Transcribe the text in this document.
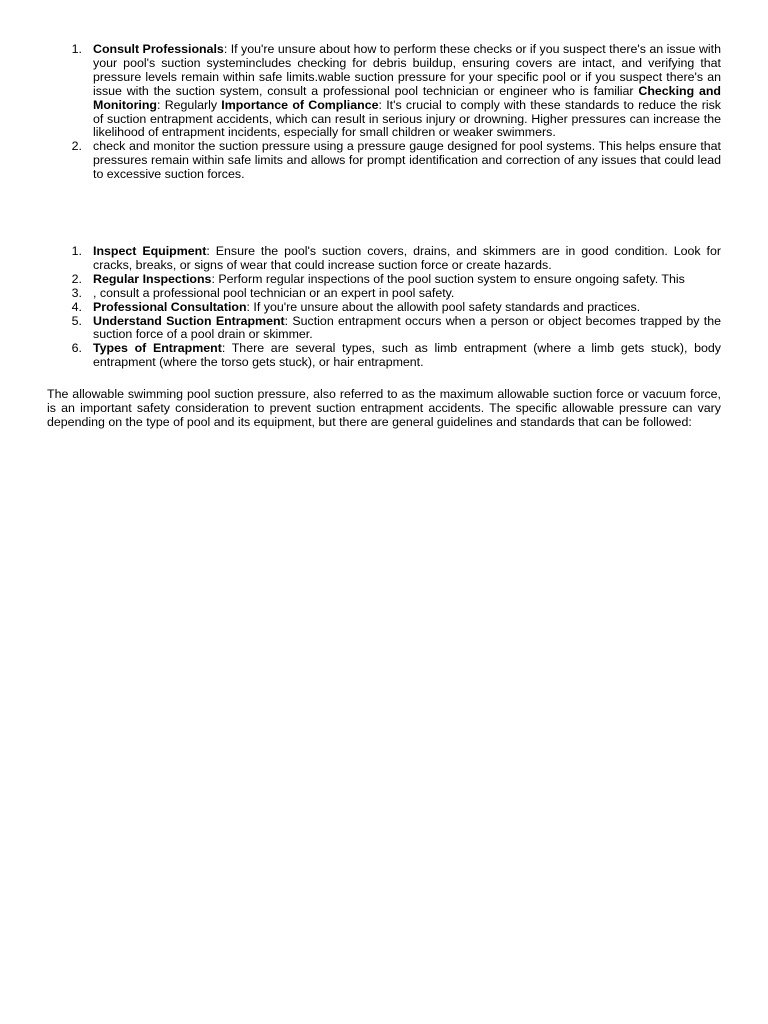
1. Consult Professionals: If you're unsure about how to perform these checks or if you suspect there's an issue with your pool's suction systemincludes checking for debris buildup, ensuring covers are intact, and verifying that pressure levels remain within safe limits.wable suction pressure for your specific pool or if you suspect there's an issue with the suction system, consult a professional pool technician or engineer who is familiar Checking and Monitoring: Regularly Importance of Compliance: It's crucial to comply with these standards to reduce the risk of suction entrapment accidents, which can result in serious injury or drowning. Higher pressures can increase the likelihood of entrapment incidents, especially for small children or weaker swimmers.
2. check and monitor the suction pressure using a pressure gauge designed for pool systems. This helps ensure that pressures remain within safe limits and allows for prompt identification and correction of any issues that could lead to excessive suction forces.
1. Inspect Equipment: Ensure the pool's suction covers, drains, and skimmers are in good condition. Look for cracks, breaks, or signs of wear that could increase suction force or create hazards.
2. Regular Inspections: Perform regular inspections of the pool suction system to ensure ongoing safety. This
3. , consult a professional pool technician or an expert in pool safety.
4. Professional Consultation: If you're unsure about the allowith pool safety standards and practices.
5. Understand Suction Entrapment: Suction entrapment occurs when a person or object becomes trapped by the suction force of a pool drain or skimmer.
6. Types of Entrapment: There are several types, such as limb entrapment (where a limb gets stuck), body entrapment (where the torso gets stuck), or hair entrapment.

The allowable swimming pool suction pressure, also referred to as the maximum allowable suction force or vacuum force, is an important safety consideration to prevent suction entrapment accidents. The specific allowable pressure can vary depending on the type of pool and its equipment, but there are general guidelines and standards that can be followed:
